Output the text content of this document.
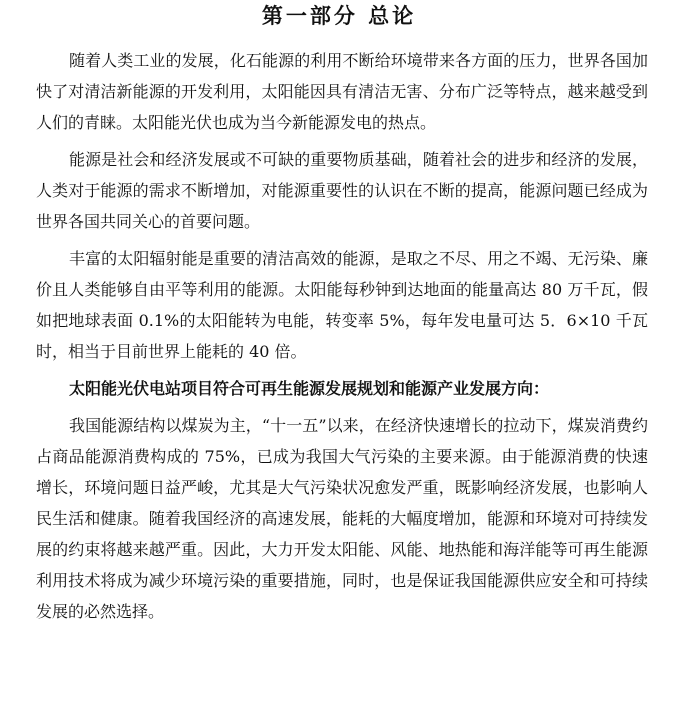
第一部分 总论

随着人类工业的发展，化石能源的利用不断给环境带来各方面的压力，世界各国加快了对清洁新能源的开发利用，太阳能因具有清洁无害、分布广泛等特点，越来越受到人们的青睐。太阳能光伏也成为当今新能源发电的热点。

能源是社会和经济发展或不可缺的重要物质基础，随着社会的进步和经济的发展，人类对于能源的需求不断增加，对能源重要性的认识在不断的提高，能源问题已经成为世界各国共同关心的首要问题。

丰富的太阳辐射能是重要的清洁高效的能源，是取之不尽、用之不竭、无污染、廉价且人类能够自由平等利用的能源。太阳能每秒钟到达地面的能量高达 80 万千瓦，假如把地球表面 0.1%的太阳能转为电能，转变率 5%，每年发电量可达 5．6×10 千瓦时，相当于目前世界上能耗的 40 倍。

太阳能光伏电站项目符合可再生能源发展规划和能源产业发展方向：

我国能源结构以煤炭为主，“十一五”以来，在经济快速增长的拉动下，煤炭消费约占商品能源消费构成的 75%，已成为我国大气污染的主要来源。由于能源消费的快速增长，环境问题日益严峻，尤其是大气污染状况愈发严重，既影响经济发展，也影响人民生活和健康。随着我国经济的高速发展，能耗的大幅度增加，能源和环境对可持续发展的约束将越来越严重。因此，大力开发太阳能、风能、地热能和海洋能等可再生能源利用技术将成为减少环境污染的重要措施，同时，也是保证我国能源供应安全和可持续发展的必然选择。
